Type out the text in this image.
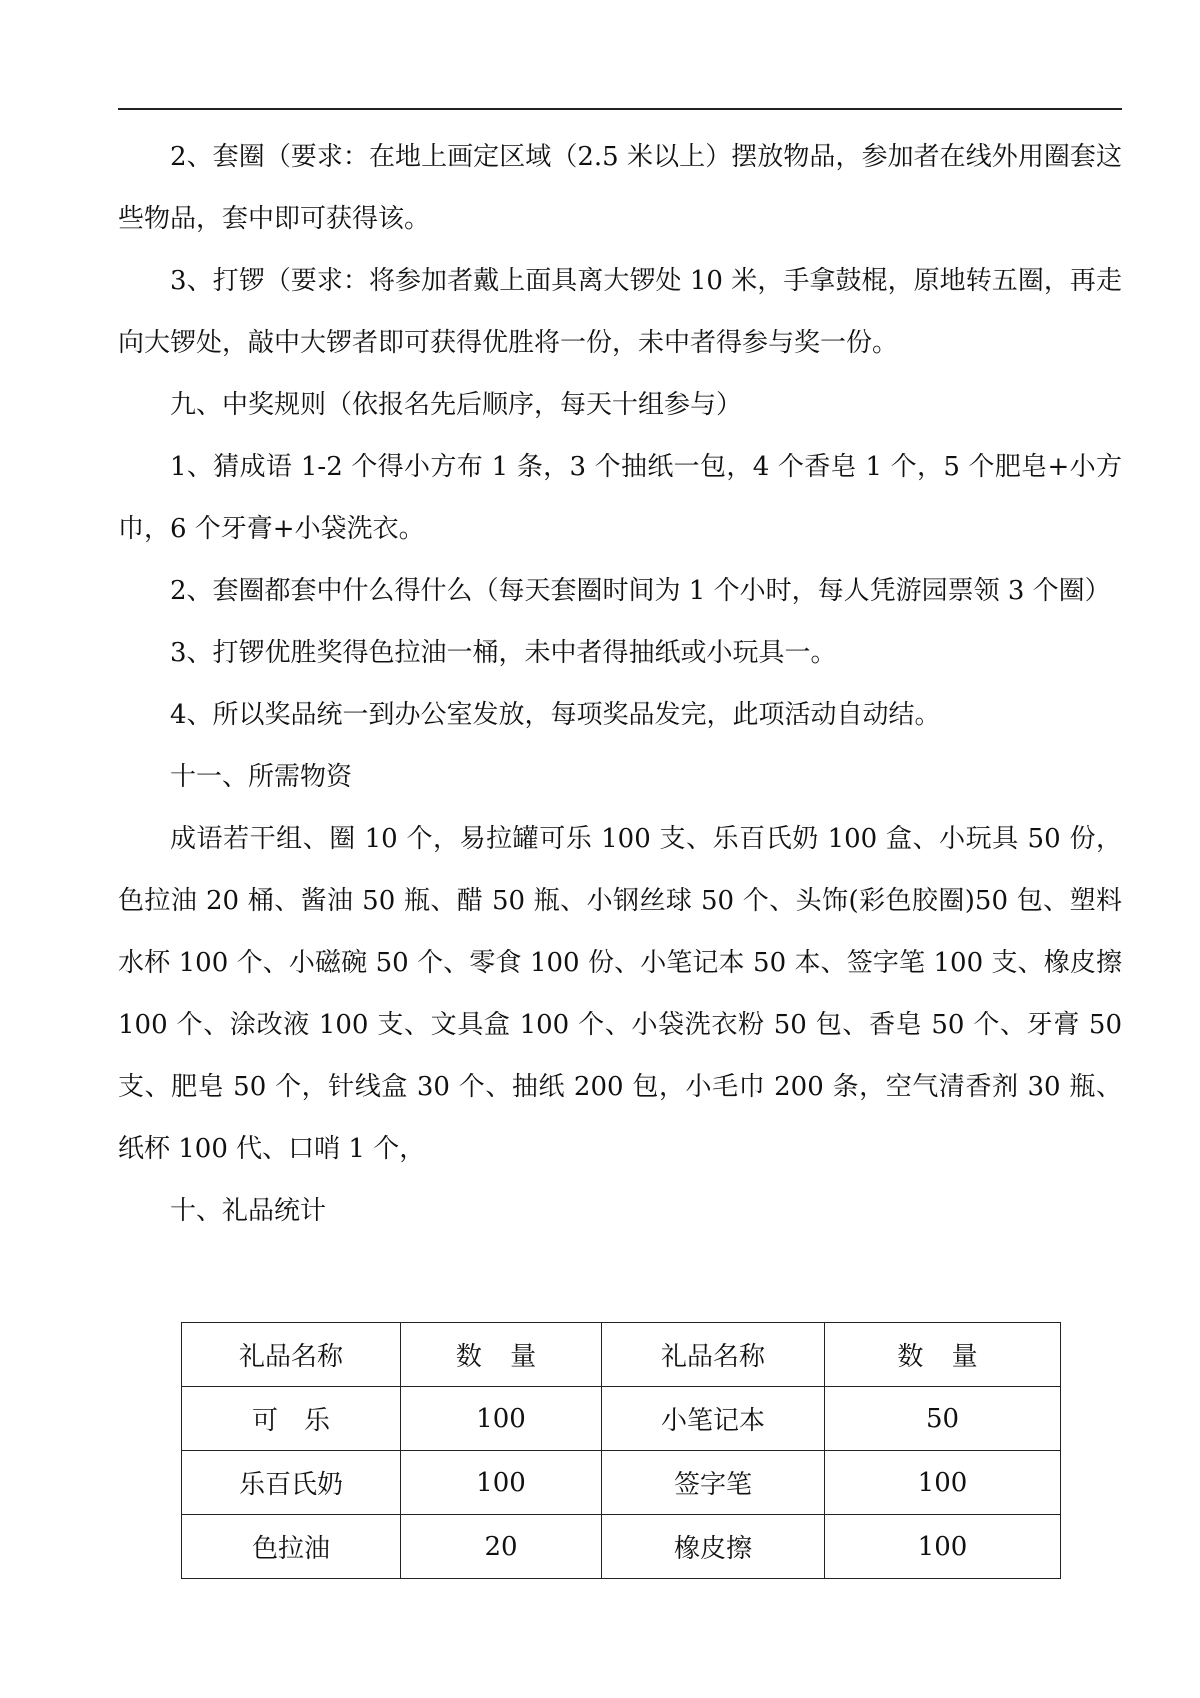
2、套圈（要求：在地上画定区域（2.5 米以上）摆放物品，参加者在线外用圈套这些物品，套中即可获得该。

3、打锣（要求：将参加者戴上面具离大锣处 10 米，手拿鼓棍，原地转五圈，再走向大锣处，敲中大锣者即可获得优胜将一份，未中者得参与奖一份。

九、中奖规则（依报名先后顺序，每天十组参与）

1、猜成语 1-2 个得小方布 1 条，3 个抽纸一包，4 个香皂 1 个，5 个肥皂+小方巾，6 个牙膏+小袋洗衣。

2、套圈都套中什么得什么（每天套圈时间为 1 个小时，每人凭游园票领 3 个圈）

3、打锣优胜奖得色拉油一桶，未中者得抽纸或小玩具一。

4、所以奖品统一到办公室发放，每项奖品发完，此项活动自动结。

十一、所需物资

成语若干组、圈 10 个，易拉罐可乐 100 支、乐百氏奶 100 盒、小玩具 50 份，色拉油 20 桶、酱油 50 瓶、醋 50 瓶、小钢丝球 50 个、头饰(彩色胶圈)50 包、塑料水杯 100 个、小磁碗 50 个、零食 100 份、小笔记本 50 本、签字笔 100 支、橡皮擦 100 个、涂改液 100 支、文具盒 100 个、小袋洗衣粉 50 包、香皂 50 个、牙膏 50 支、肥皂 50 个，针线盒 30 个、抽纸 200 包，小毛巾 200 条，空气清香剂 30 瓶、纸杯 100 代、口哨 1 个，

十、礼品统计

礼品名称	数 量	礼品名称	数 量
可　乐	100	小笔记本	50
乐百氏奶	100	签字笔	100
色拉油	20	橡皮擦	100
